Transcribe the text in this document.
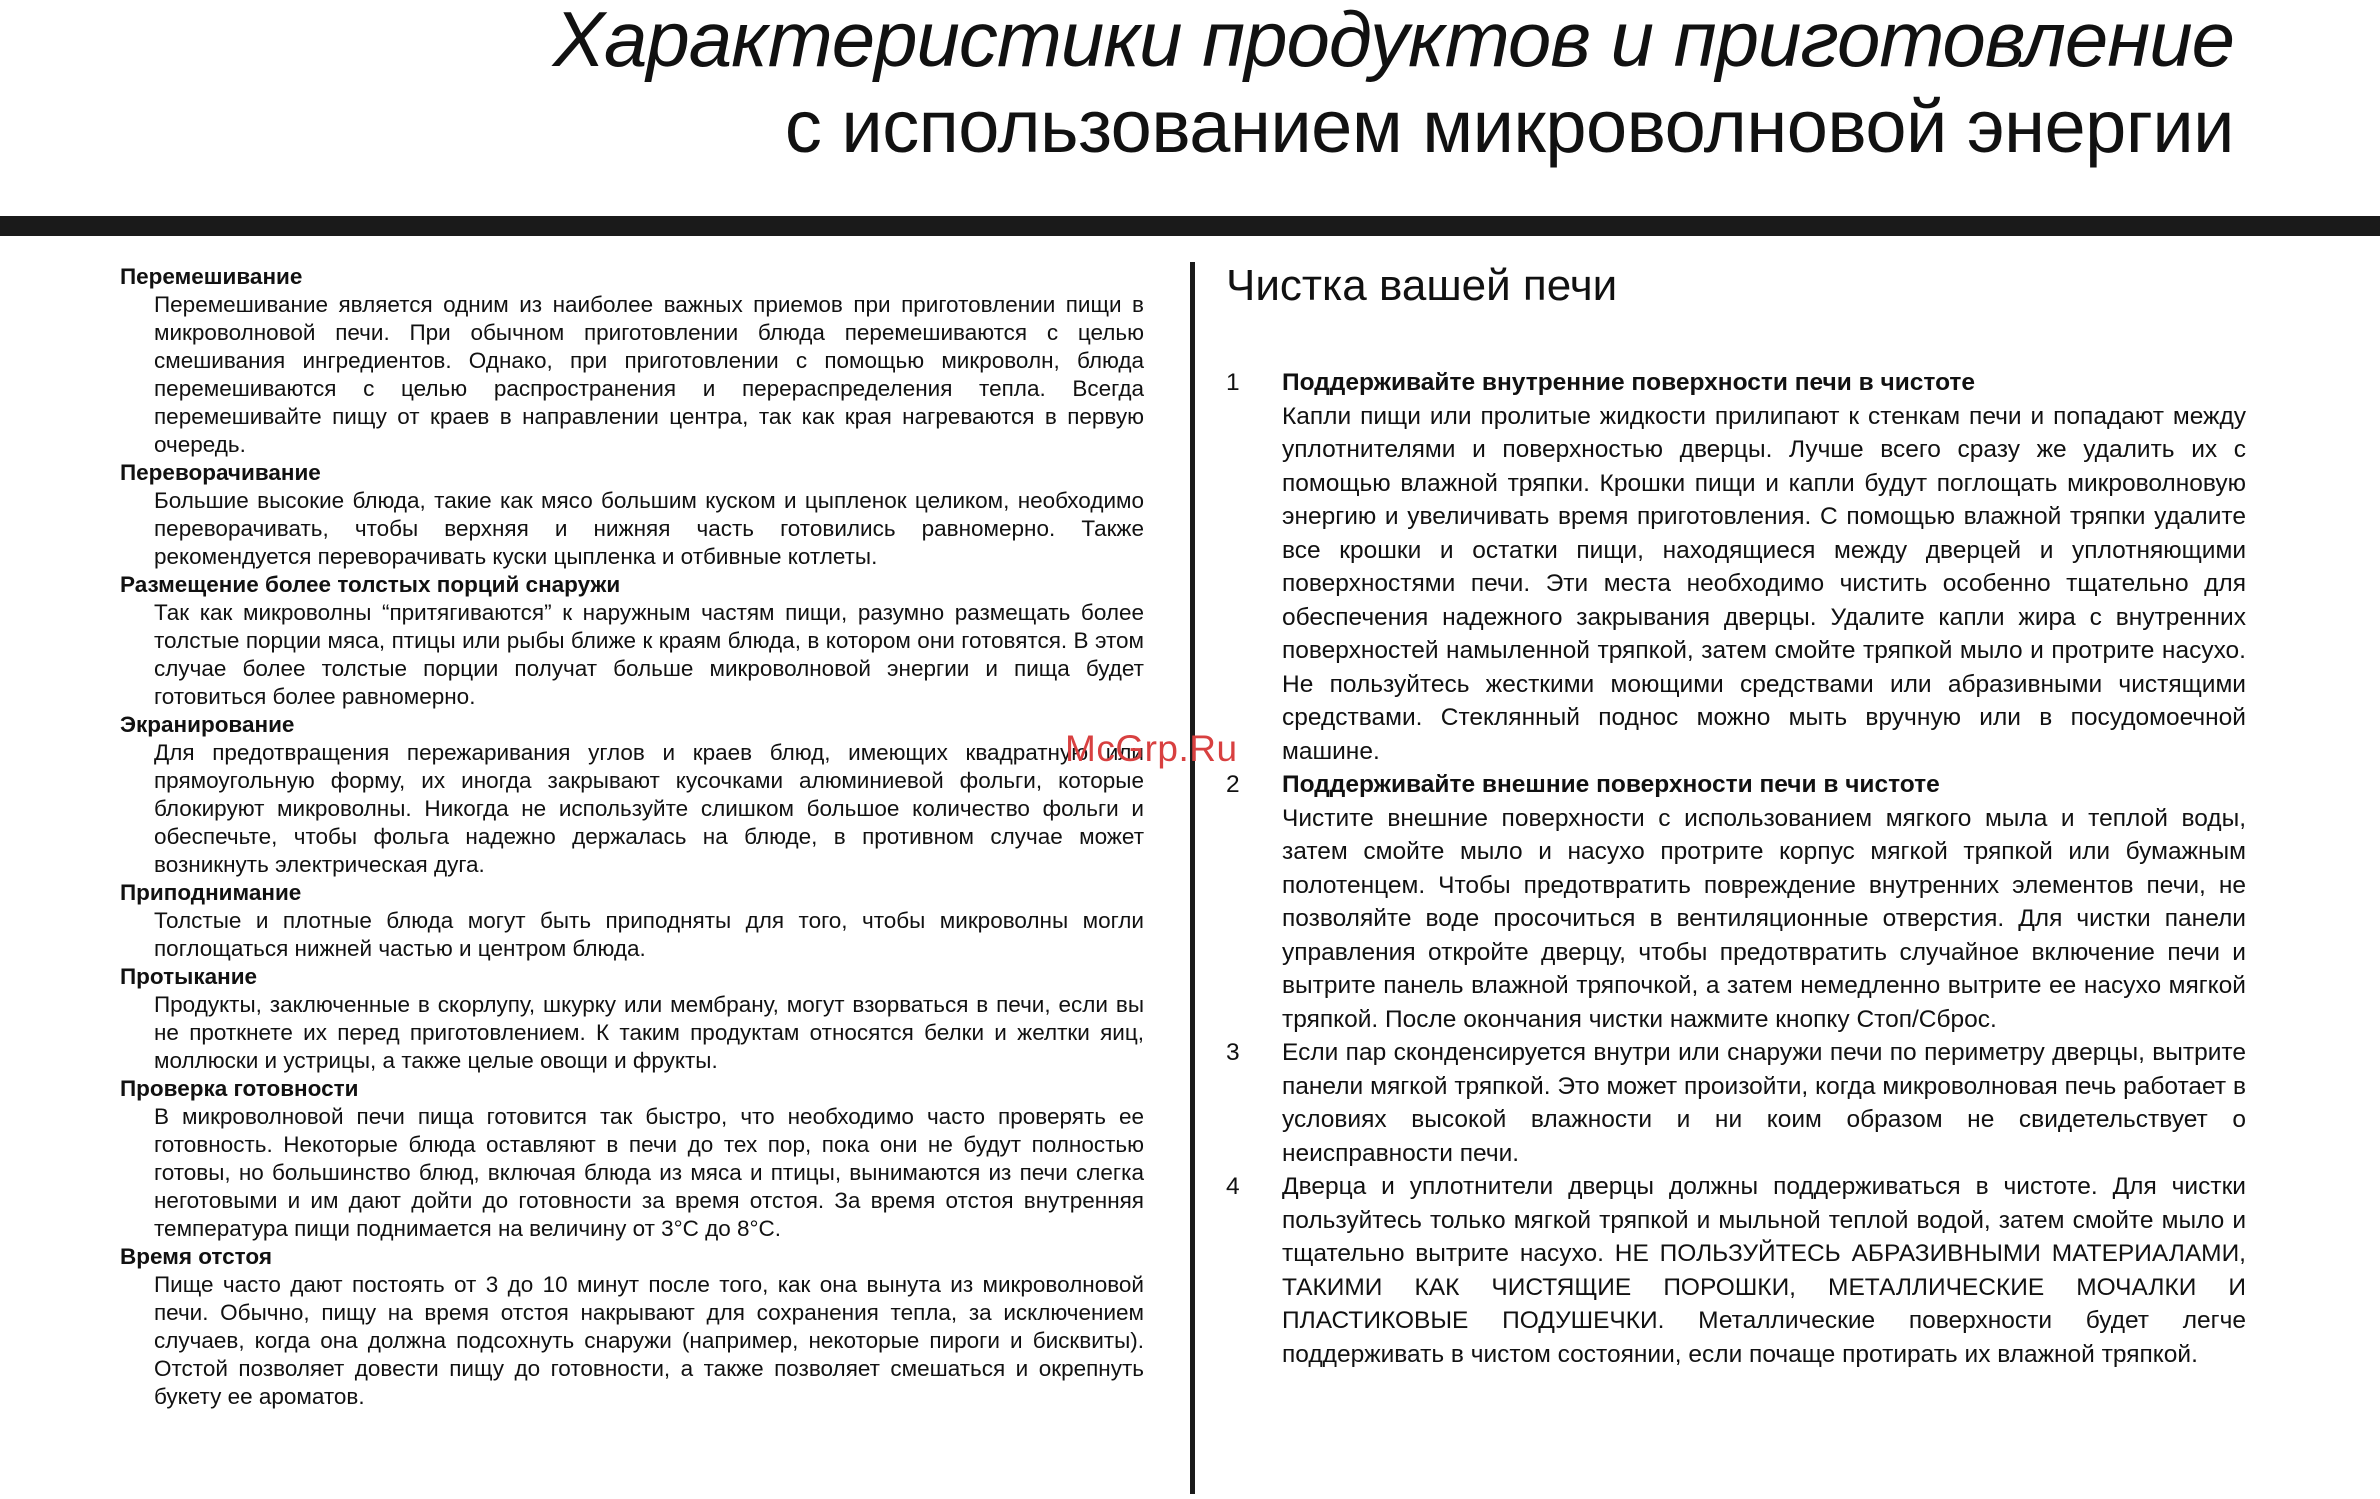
Характеристики продуктов и приготовление
с использованием микроволновой энергии
Перемешивание
Перемешивание является одним из наиболее важных приемов при приготовлении пищи в микроволновой печи. При обычном приготовлении блюда перемешиваются с целью смешивания ингредиентов. Однако, при приготовлении с помощью микроволн, блюда перемешиваются с целью распространения и перераспределения тепла. Всегда перемешивайте пищу от краев в направлении центра, так как края нагреваются в первую очередь.
Переворачивание
Большие высокие блюда, такие как мясо большим куском и цыпленок целиком, необходимо переворачивать, чтобы верхняя и нижняя часть готовились равномерно. Также рекомендуется переворачивать куски цыпленка и отбивные котлеты.
Размещение более толстых порций снаружи
Так как микроволны “притягиваются” к наружным частям пищи, разумно размещать более толстые порции мяса, птицы или рыбы ближе к краям блюда, в котором они готовятся. В этом случае более толстые порции получат больше микроволновой энергии и пища будет готовиться более равномерно.
Экранирование
Для предотвращения пережаривания углов и краев блюд, имеющих квадратную или прямоугольную форму, их иногда закрывают кусочками алюминиевой фольги, которые блокируют микроволны. Никогда не используйте слишком большое количество фольги и обеспечьте, чтобы фольга надежно держалась на блюде, в противном случае может возникнуть электрическая дуга.
Приподнимание
Толстые и плотные блюда могут быть приподняты для того, чтобы микроволны могли поглощаться нижней частью и центром блюда.
Протыкание
Продукты, заключенные в скорлупу, шкурку или мембрану, могут взорваться в печи, если вы не проткнете их перед приготовлением. К таким продуктам относятся белки и желтки яиц, моллюски и устрицы, а также целые овощи и фрукты.
Проверка готовности
В микроволновой печи пища готовится так быстро, что необходимо часто проверять ее готовность. Некоторые блюда оставляют в печи до тех пор, пока они не будут полностью готовы, но большинство блюд, включая блюда из мяса и птицы, вынимаются из печи слегка неготовыми и им дают дойти до готовности за время отстоя. За время отстоя внутренняя температура пищи поднимается на величину от 3°С до 8°С.
Время отстоя
Пище часто дают постоять от 3 до 10 минут после того, как она вынута из микроволновой печи. Обычно, пищу на время отстоя накрывают для сохранения тепла, за исключением случаев, когда она должна подсохнуть снаружи (например, некоторые пироги и бисквиты). Отстой позволяет довести пищу до готовности, а также позволяет смешаться и окрепнуть букету ее ароматов.
Чистка вашей печи
1 Поддерживайте внутренние поверхности печи в чистоте
Капли пищи или пролитые жидкости прилипают к стенкам печи и попадают между уплотнителями и поверхностью дверцы. Лучше всего сразу же удалить их с помощью влажной тряпки. Крошки пищи и капли будут поглощать микроволновую энергию и увеличивать время приготовления. С помощью влажной тряпки удалите все крошки и остатки пищи, находящиеся между дверцей и уплотняющими поверхностями печи. Эти места необходимо чистить особенно тщательно для обеспечения надежного закрывания дверцы. Удалите капли жира с внутренних поверхностей намыленной тряпкой, затем смойте тряпкой мыло и протрите насухо. Не пользуйтесь жесткими моющими средствами или абразивными чистящими средствами. Стеклянный поднос можно мыть вручную или в посудомоечной машине.
2 Поддерживайте внешние поверхности печи в чистоте
Чистите внешние поверхности с использованием мягкого мыла и теплой воды, затем смойте мыло и насухо протрите корпус мягкой тряпкой или бумажным полотенцем. Чтобы предотвратить повреждение внутренних элементов печи, не позволяйте воде просочиться в вентиляционные отверстия. Для чистки панели управления откройте дверцу, чтобы предотвратить случайное включение печи и вытрите панель влажной тряпочкой, а затем немедленно вытрите ее насухо мягкой тряпкой. После окончания чистки нажмите кнопку Стоп/Сброс.
3 Если пар сконденсируется внутри или снаружи печи по периметру дверцы, вытрите панели мягкой тряпкой. Это может произойти, когда микроволновая печь работает в условиях высокой влажности и ни коим образом не свидетельствует о неисправности печи.
4 Дверца и уплотнители дверцы должны поддерживаться в чистоте. Для чистки пользуйтесь только мягкой тряпкой и мыльной теплой водой, затем смойте мыло и тщательно вытрите насухо. НЕ ПОЛЬЗУЙТЕСЬ АБРАЗИВНЫМИ МАТЕРИАЛАМИ, ТАКИМИ КАК ЧИСТЯЩИЕ ПОРОШКИ, МЕТАЛЛИЧЕСКИЕ МОЧАЛКИ И ПЛАСТИКОВЫЕ ПОДУШЕЧКИ. Металлические поверхности будет легче поддерживать в чистом состоянии, если почаще протирать их влажной тряпкой.
McGrp.Ru
